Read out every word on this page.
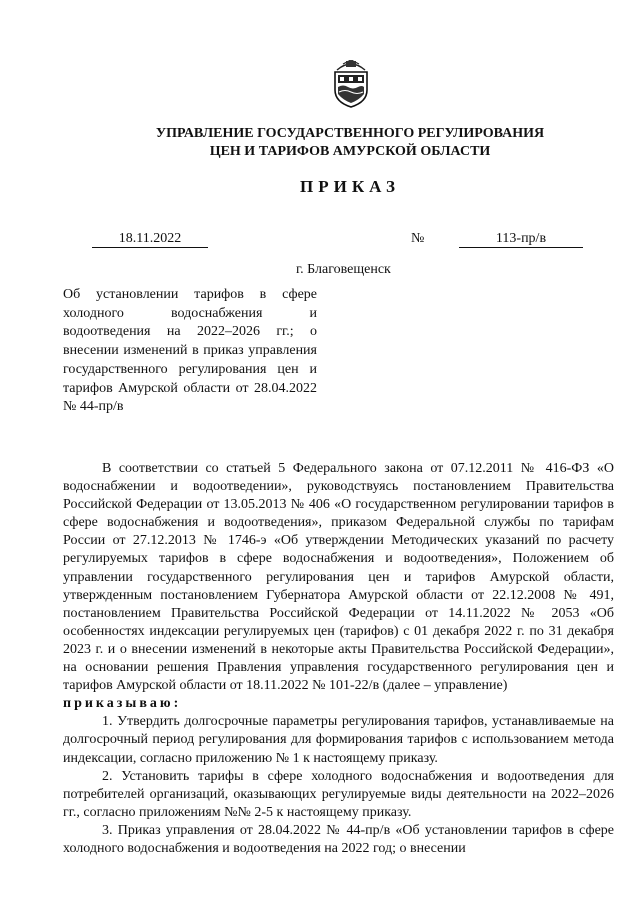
УПРАВЛЕНИЕ ГОСУДАРСТВЕННОГО РЕГУЛИРОВАНИЯ
ЦЕН И ТАРИФОВ АМУРСКОЙ ОБЛАСТИ
ПРИКАЗ
18.11.2022	№	113-пр/в
г. Благовещенск
Об установлении тарифов в сфере холодного водоснабжения и водоотведения на 2022–2026 гг.; о внесении изменений в приказ управления государственного регулирования цен и тарифов Амурской области от 28.04.2022 № 44-пр/в

В соответствии со статьей 5 Федерального закона от 07.12.2011 № 416-ФЗ «О водоснабжении и водоотведении», руководствуясь постановлением Правительства Российской Федерации от 13.05.2013 № 406 «О государственном регулировании тарифов в сфере водоснабжения и водоотведения», приказом Федеральной службы по тарифам России от 27.12.2013 № 1746-э «Об утверждении Методических указаний по расчету регулируемых тарифов в сфере водоснабжения и водоотведения», Положением об управлении государственного регулирования цен и тарифов Амурской области, утвержденным постановлением Губернатора Амурской области от 22.12.2008 № 491, постановлением Правительства Российской Федерации от 14.11.2022 № 2053 «Об особенностях индексации регулируемых цен (тарифов) с 01 декабря 2022 г. по 31 декабря 2023 г. и о внесении изменений в некоторые акты Правительства Российской Федерации», на основании решения Правления управления государственного регулирования цен и тарифов Амурской области от 18.11.2022 № 101-22/в (далее – управление)

приказываю:

1. Утвердить долгосрочные параметры регулирования тарифов, устанавливаемые на долгосрочный период регулирования для формирования тарифов с использованием метода индексации, согласно приложению № 1 к настоящему приказу.

2. Установить тарифы в сфере холодного водоснабжения и водоотведения для потребителей организаций, оказывающих регулируемые виды деятельности на 2022–2026 гг., согласно приложениям №№ 2-5 к настоящему приказу.

3. Приказ управления от 28.04.2022 № 44-пр/в «Об установлении тарифов в сфере холодного водоснабжения и водоотведения на 2022 год; о внесении
